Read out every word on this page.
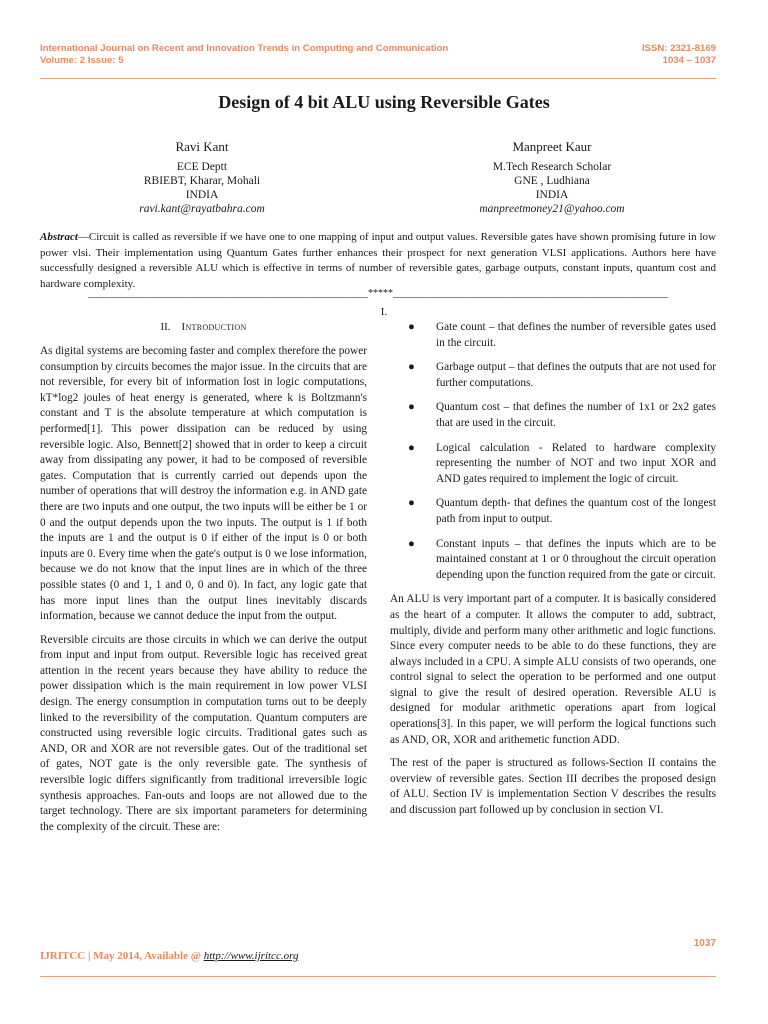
International Journal on Recent and Innovation Trends in Computing and Communication
Volume: 2 Issue: 5
ISSN: 2321-8169
1034 – 1037
Design of 4 bit ALU using Reversible Gates
Ravi Kant
ECE Deptt
RBIEBT, Kharar, Mohali
INDIA
ravi.kant@rayatbahra.com
Manpreet Kaur
M.Tech Research Scholar
GNE , Ludhiana
INDIA
manpreetmoney21@yahoo.com
Abstract—Circuit is called as reversible if we have one to one mapping of input and output values. Reversible gates have shown promising future in low power vlsi. Their implementation using Quantum Gates further enhances their prospect for next generation VLSI applications. Authors here have successfully designed a reversible ALU which is effective in terms of number of reversible gates, garbage outputs, constant inputs, quantum cost and hardware complexity.
________________________________________________________*****_______________________________________________________
I.
II. Introduction

As digital systems are becoming faster and complex therefore the power consumption by circuits becomes the major issue. In the circuits that are not reversible, for every bit of information lost in logic computations, kT*log2 joules of heat energy is generated, where k is Boltzmann's constant and T is the absolute temperature at which computation is performed[1]. This power dissipation can be reduced by using reversible logic. Also, Bennett[2] showed that in order to keep a circuit away from dissipating any power, it had to be composed of reversible gates. Computation that is currently carried out depends upon the number of operations that will destroy the information e.g. in AND gate there are two inputs and one output, the two inputs will be either be 1 or 0 and the output depends upon the two inputs. The output is 1 if both the inputs are 1 and the output is 0 if either of the input is 0 or both inputs are 0. Every time when the gate's output is 0 we lose information, because we do not know that the input lines are in which of the three possible states (0 and 1, 1 and 0, 0 and 0). In fact, any logic gate that has more input lines than the output lines inevitably discards information, because we cannot deduce the input from the output.

Reversible circuits are those circuits in which we can derive the output from input and input from output. Reversible logic has received great attention in the recent years because they have ability to reduce the power dissipation which is the main requirement in low power VLSI design. The energy consumption in computation turns out to be deeply linked to the reversibility of the computation. Quantum computers are constructed using reversible logic circuits. Traditional gates such as AND, OR and XOR are not reversible gates. Out of the traditional set of gates, NOT gate is the only reversible gate. The synthesis of reversible logic differs significantly from traditional irreversible logic synthesis approaches. Fan-outs and loops are not allowed due to the target technology. There are six important parameters for determining the complexity of the circuit. These are:

● Gate count – that defines the number of reversible gates used in the circuit.
● Garbage output – that defines the outputs that are not used for further computations.
● Quantum cost – that defines the number of 1x1 or 2x2 gates that are used in the circuit.
● Logical calculation - Related to hardware complexity representing the number of NOT and two input XOR and AND gates required to implement the logic of circuit.
● Quantum depth- that defines the quantum cost of the longest path from input to output.
● Constant inputs – that defines the inputs which are to be maintained constant at 1 or 0 throughout the circuit operation depending upon the function required from the gate or circuit.

An ALU is very important part of a computer. It is basically considered as the heart of a computer. It allows the computer to add, subtract, multiply, divide and perform many other arithmetic and logic functions. Since every computer needs to be able to do these functions, they are always included in a CPU. A simple ALU consists of two operands, one control signal to select the operation to be performed and one output signal to give the result of desired operation. Reversible ALU is designed for modular arithmetic operations apart from logical operations[3]. In this paper, we will perform the logical functions such as AND, OR, XOR and arithemetic function ADD.

The rest of the paper is structured as follows-Section II contains the overview of reversible gates. Section III decribes the proposed design of ALU. Section IV is implementation Section V describes the results and discussion part followed up by conclusion in section VI.

1037
IJRITCC | May 2014, Available @ http://www.ijritcc.org
